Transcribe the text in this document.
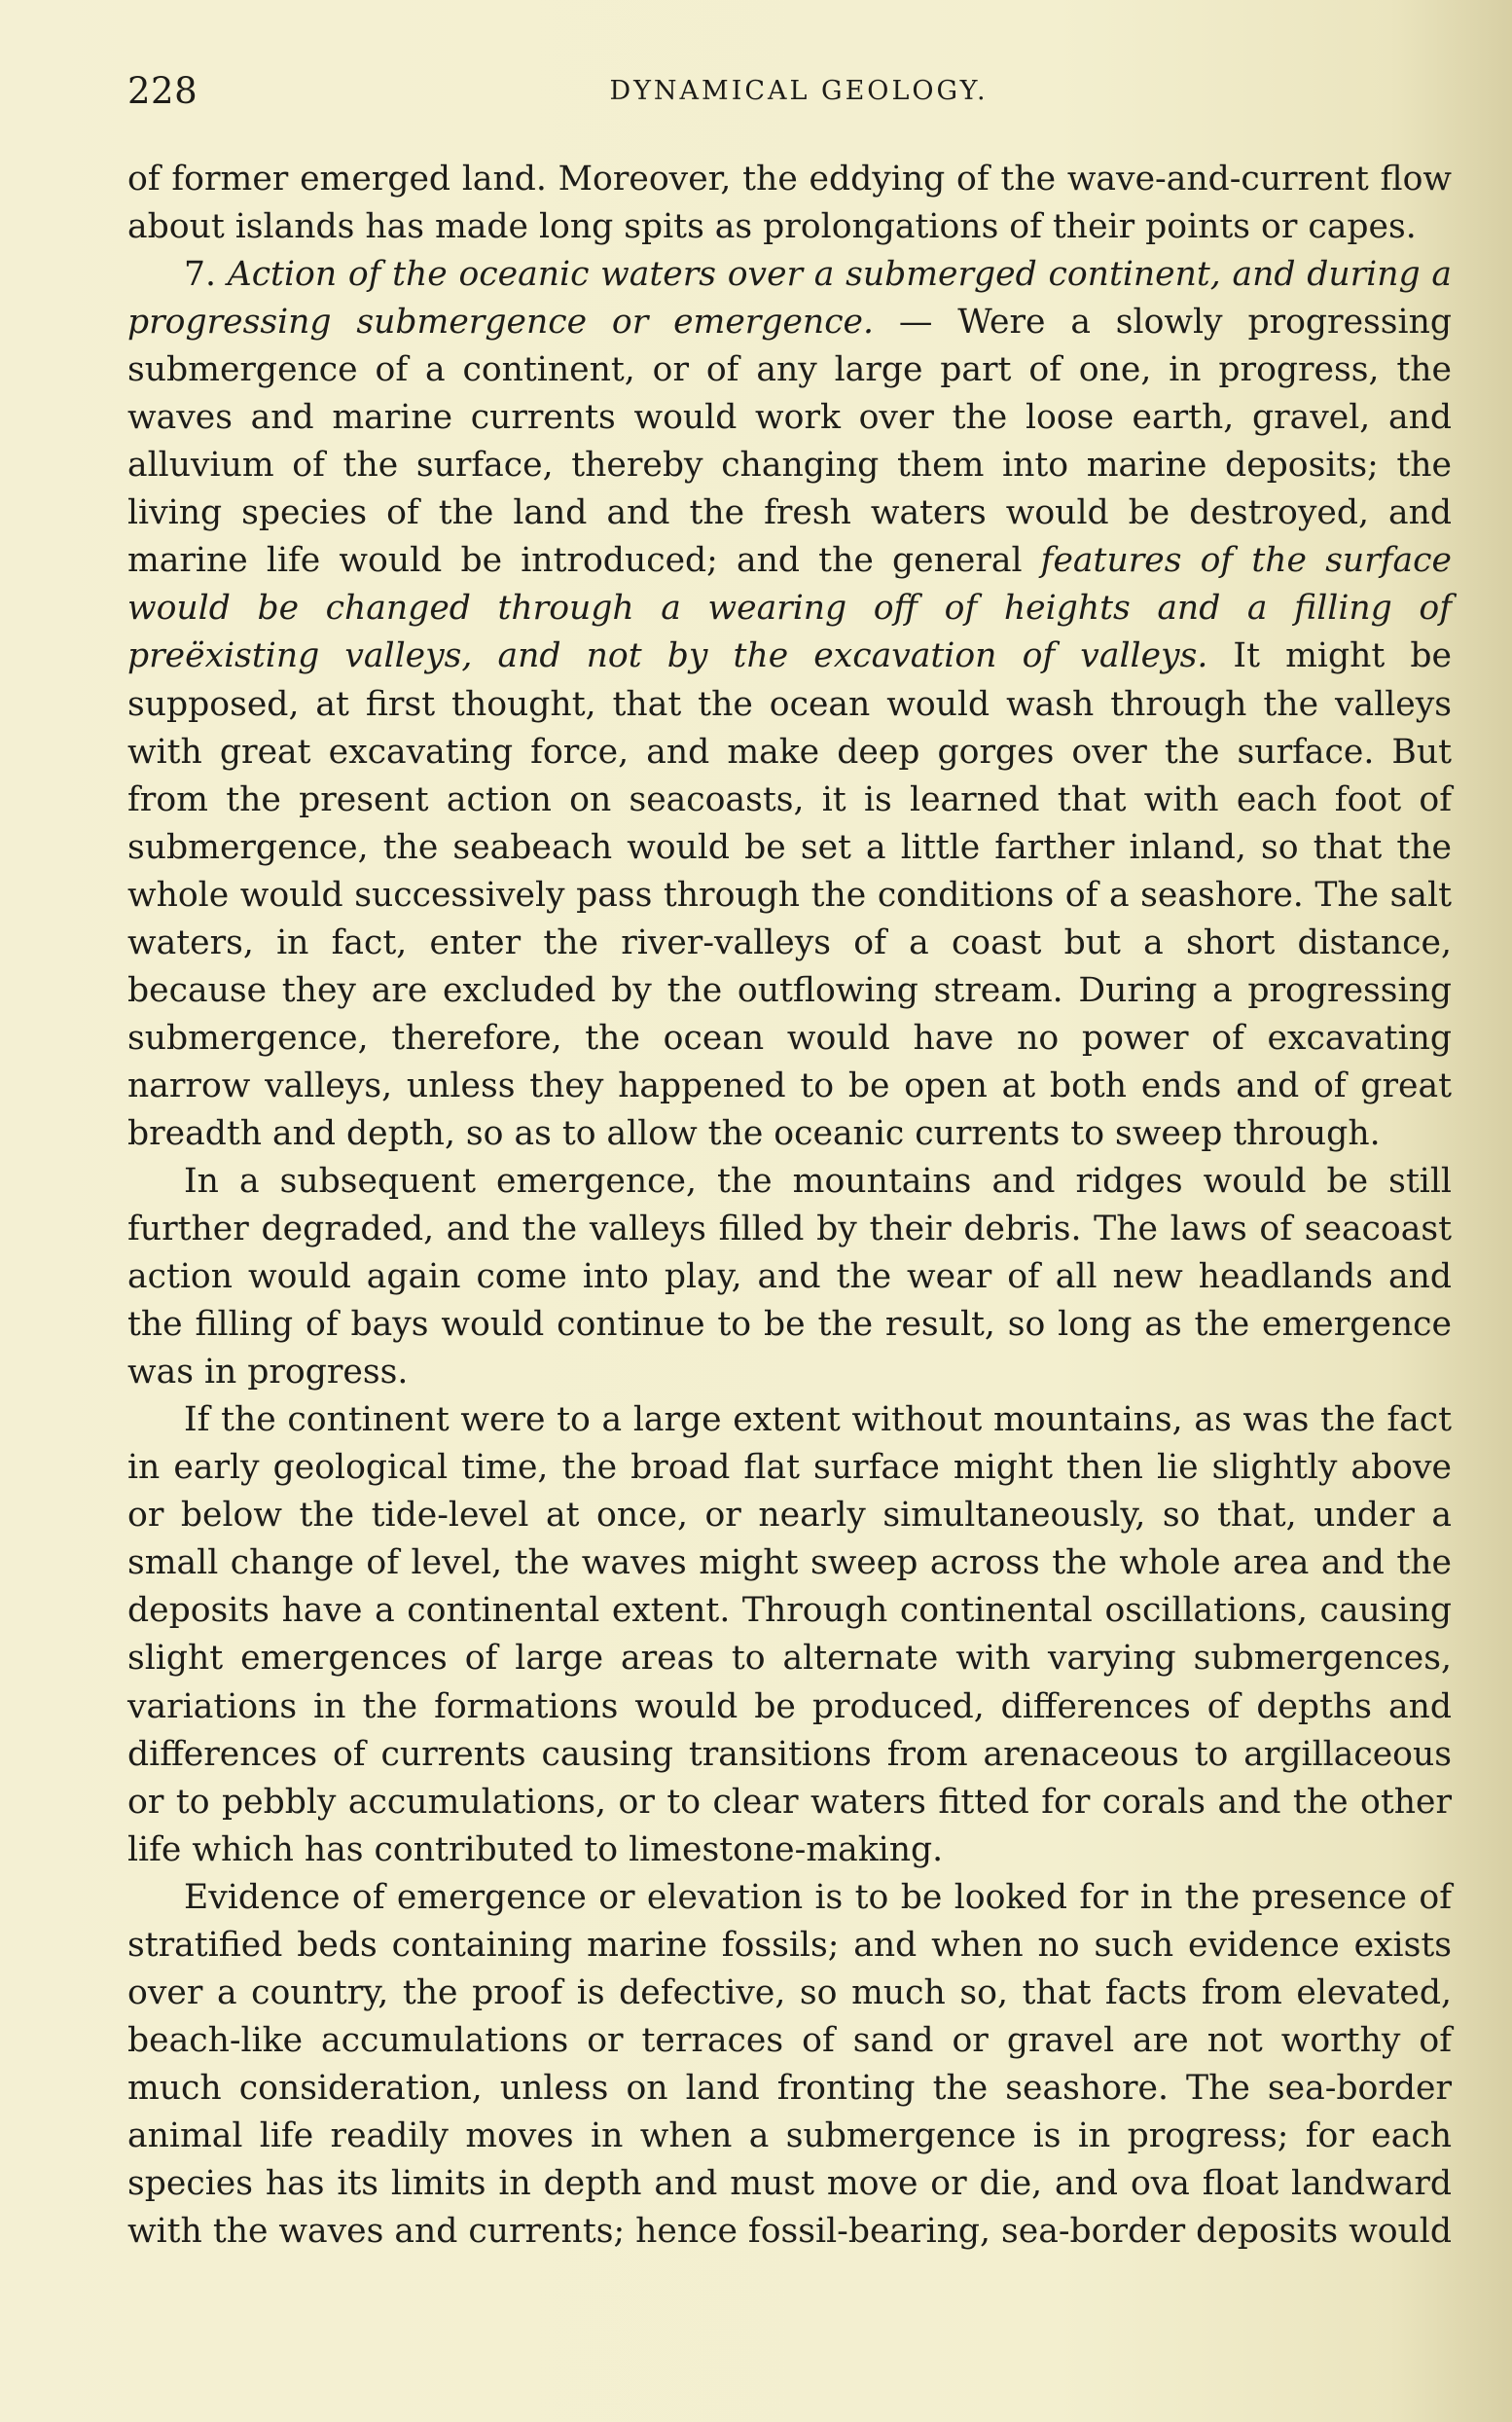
228	DYNAMICAL GEOLOGY.

of former emerged land. Moreover, the eddying of the wave-and-current flow about islands has made long spits as prolongations of their points or capes.

7. Action of the oceanic waters over a submerged continent, and during a progressing submergence or emergence. — Were a slowly progressing submergence of a continent, or of any large part of one, in progress, the waves and marine currents would work over the loose earth, gravel, and alluvium of the surface, thereby changing them into marine deposits; the living species of the land and the fresh waters would be destroyed, and marine life would be introduced; and the general features of the surface would be changed through a wearing off of heights and a filling of preëxisting valleys, and not by the excavation of valleys. It might be supposed, at first thought, that the ocean would wash through the valleys with great excavating force, and make deep gorges over the surface. But from the present action on seacoasts, it is learned that with each foot of submergence, the seabeach would be set a little farther inland, so that the whole would successively pass through the conditions of a seashore. The salt waters, in fact, enter the river-valleys of a coast but a short distance, because they are excluded by the outflowing stream. During a progressing submergence, therefore, the ocean would have no power of excavating narrow valleys, unless they happened to be open at both ends and of great breadth and depth, so as to allow the oceanic currents to sweep through.

In a subsequent emergence, the mountains and ridges would be still further degraded, and the valleys filled by their debris. The laws of seacoast action would again come into play, and the wear of all new headlands and the filling of bays would continue to be the result, so long as the emergence was in progress.

If the continent were to a large extent without mountains, as was the fact in early geological time, the broad flat surface might then lie slightly above or below the tide-level at once, or nearly simultaneously, so that, under a small change of level, the waves might sweep across the whole area and the deposits have a continental extent. Through continental oscillations, causing slight emergences of large areas to alternate with varying submergences, variations in the formations would be produced, differences of depths and differences of currents causing transitions from arenaceous to argillaceous or to pebbly accumulations, or to clear waters fitted for corals and the other life which has contributed to limestone-making.

Evidence of emergence or elevation is to be looked for in the presence of stratified beds containing marine fossils; and when no such evidence exists over a country, the proof is defective, so much so, that facts from elevated, beach-like accumulations or terraces of sand or gravel are not worthy of much consideration, unless on land fronting the seashore. The sea-border animal life readily moves in when a submergence is in progress; for each species has its limits in depth and must move or die, and ova float landward with the waves and currents; hence fossil-bearing, sea-border deposits would
